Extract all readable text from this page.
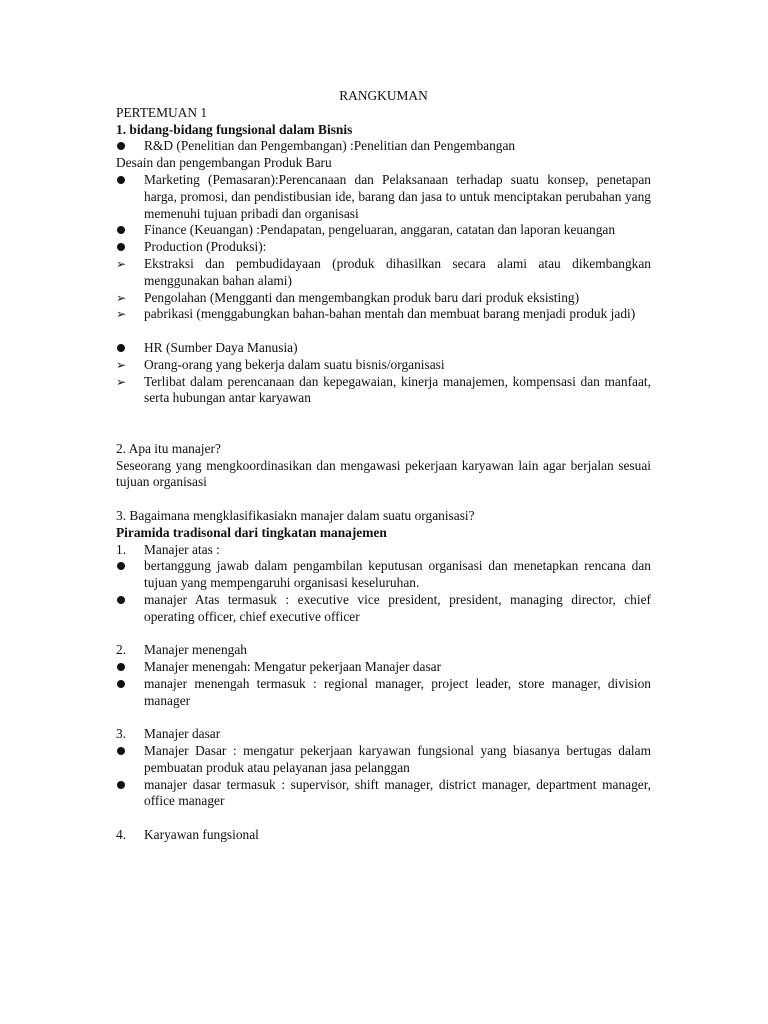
RANGKUMAN

PERTEMUAN 1

1. bidang-bidang fungsional dalam Bisnis

R&D (Penelitian dan Pengembangan) :Penelitian dan Pengembangan

Desain dan pengembangan Produk Baru

Marketing (Pemasaran):Perencanaan dan Pelaksanaan terhadap suatu konsep, penetapan harga, promosi, dan pendistibusian ide, barang dan jasa to untuk menciptakan perubahan yang memenuhi tujuan pribadi dan organisasi
Finance (Keuangan) :Pendapatan, pengeluaran, anggaran, catatan dan laporan keuangan
Production (Produksi):
➢	Ekstraksi dan pembudidayaan (produk dihasilkan secara alami atau dikembangkan menggunakan bahan alami)
➢	Pengolahan (Mengganti dan mengembangkan produk baru dari produk eksisting)
➢	pabrikasi (menggabungkan bahan-bahan mentah dan membuat barang menjadi produk jadi)
HR (Sumber Daya Manusia)
➢	Orang-orang yang bekerja dalam suatu bisnis/organisasi
➢	Terlibat dalam perencanaan dan kepegawaian, kinerja manajemen, kompensasi dan manfaat, serta hubungan antar karyawan

2. Apa itu manajer?

Seseorang yang mengkoordinasikan dan mengawasi pekerjaan karyawan lain agar berjalan sesuai tujuan organisasi

3. Bagaimana mengklasifikasiakn manajer dalam suatu organisasi?

Piramida tradisonal dari tingkatan manajemen

1. Manajer atas :
bertanggung jawab dalam pengambilan keputusan organisasi dan menetapkan rencana dan tujuan yang mempengaruhi organisasi keseluruhan.
manajer Atas termasuk : executive vice president, president, managing director, chief operating officer, chief executive officer
2. Manajer menengah
Manajer menengah: Mengatur pekerjaan Manajer dasar
manajer menengah termasuk : regional manager, project leader, store manager, division manager
3. Manajer dasar
Manajer Dasar : mengatur pekerjaan karyawan fungsional yang biasanya bertugas dalam pembuatan produk atau pelayanan jasa pelanggan
manajer dasar termasuk : supervisor, shift manager, district manager, department manager, office manager
4. Karyawan fungsional
